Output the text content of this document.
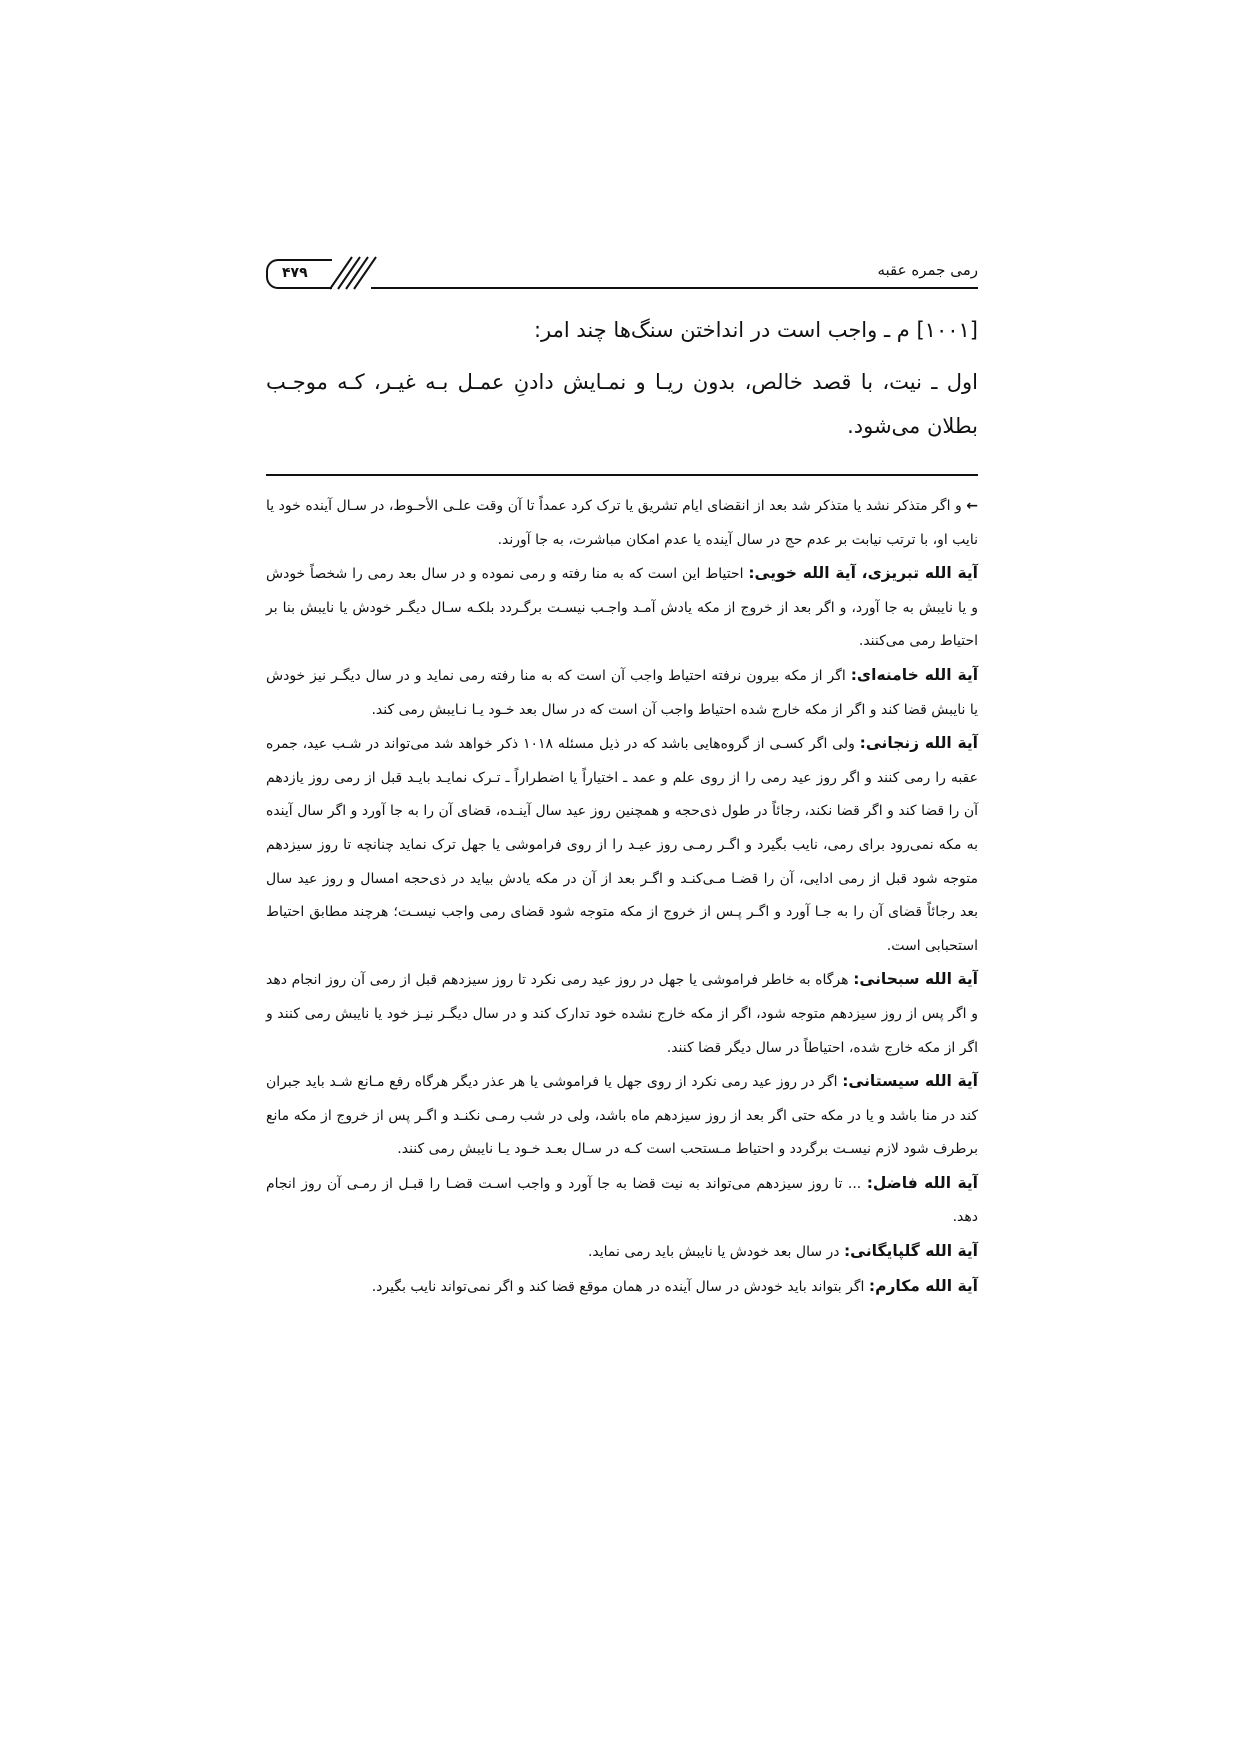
۴۷۹	رمی جمره عقبه

[۱۰۰۱] م ـ واجب است در انداختن سنگ‌ها چند امر:

اول ـ نیت، با قصد خالص، بدون ریـا و نمـایش دادنِ عمـل بـه غیـر، کـه موجـب بطلان می‌شود.

← و اگر متذکر نشد یا متذکر شد بعد از انقضای ایام تشریق یا ترک کرد عمداً تا آن وقت علـی الأحـوط، در سـال آینده خود یا نایب او، با ترتب نیابت بر عدم حج در سال آینده یا عدم امکان مباشرت، به جا آورند.

آیة الله تبریزی، آیة الله خویی: احتیاط این است که به منا رفته و رمی نموده و در سال بعد رمی را شخصاً خودش و یا نایبش به جا آورد، و اگر بعد از خروج از مکه یادش آمـد واجـب نیسـت برگـردد بلکـه سـال دیگـر خودش یا نایبش بنا بر احتیاط رمی می‌کنند.

آیة الله خامنه‌ای: اگر از مکه بیرون نرفته احتیاط واجب آن است که به منا رفته رمی نماید و در سال دیگـر نیز خودش یا نایبش قضا کند و اگر از مکه خارج شده احتیاط واجب آن است که در سال بعد خـود یـا نـایبش رمی کند.

آیة الله زنجانی: ولی اگر کسـی از گروه‌هایی باشد که در ذیل مسئله ۱۰۱۸ ذکر خواهد شد می‌تواند در شـب عید، جمره عقبه را رمی کنند و اگر روز عید رمی را از روی علم و عمد ـ اختیاراً یا اضطراراً ـ تـرک نمایـد بایـد قبل از رمی روز یازدهم آن را قضا کند و اگر قضا نکند، رجائاً در طول ذی‌حجه و همچنین روز عید سال آینـده، قضای آن را به جا آورد و اگر سال آینده به مکه نمی‌رود برای رمی، نایب بگیرد و اگـر رمـی روز عیـد را از روی فراموشی یا جهل ترک نماید چنانچه تا روز سیزدهم متوجه شود قبل از رمی ادایی، آن را قضـا مـی‌کنـد و اگـر بعد از آن در مکه یادش بیاید در ذی‌حجه امسال و روز عید سال بعد رجائاً قضای آن را به جـا آورد و اگـر پـس از خروج از مکه متوجه شود قضای رمی واجب نیسـت؛ هرچند مطابق احتیاط استحبابی است.

آیة الله سبحانی: هرگاه به خاطر فراموشی یا جهل در روز عید رمی نکرد تا روز سیزدهم قبل از رمی آن روز انجام دهد و اگر پس از روز سیزدهم متوجه شود، اگر از مکه خارج نشده خود تدارک کند و در سال دیگـر نیـز خود یا نایبش رمی کنند و اگر از مکه خارج شده، احتیاطاً در سال دیگر قضا کنند.

آیة الله سیستانی: اگر در روز عید رمی نکرد از روی جهل یا فراموشی یا هر عذر دیگر هرگاه رفع مـانع شـد باید جبران کند در منا باشد و یا در مکه حتی اگر بعد از روز سیزدهم ماه باشد، ولی در شب رمـی نکنـد و اگـر پس از خروج از مکه مانع برطرف شود لازم نیسـت برگردد و احتیاط مـستحب است کـه در سـال بعـد خـود یـا نایبش رمی کنند.

آیة الله فاضل: ... تا روز سیزدهم می‌تواند به نیت قضا به جا آورد و واجب اسـت قضـا را قبـل از رمـی آن روز انجام دهد.

آیة الله گلپایگانی: در سال بعد خودش یا نایبش باید رمی نماید.

آیة الله مکارم: اگر بتواند باید خودش در سال آینده در همان موقع قضا کند و اگر نمی‌تواند نایب بگیرد.
